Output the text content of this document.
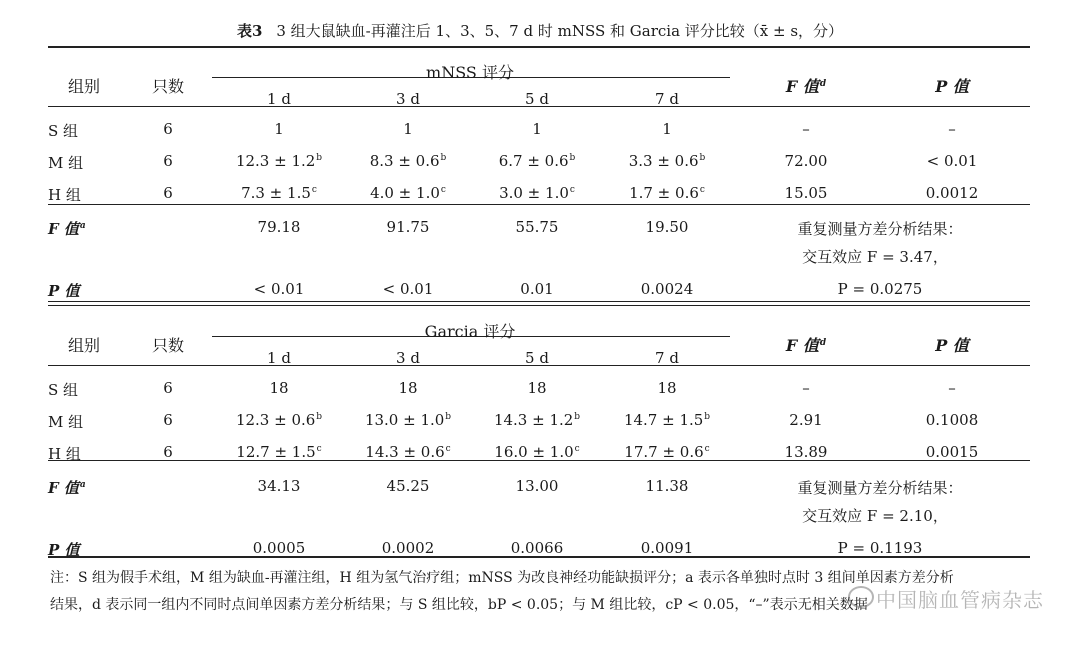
表3 3 组大鼠缺血-再灌注后 1、3、5、7 d 时 mNSS 和 Garcia 评分比较（x̄ ± s，分）
组别	只数
mNSS 评分
F 值$^d$	P 值
1 d	3 d	5 d	7 d
S 组	6	1	1	1	1	–	–
M 组	6	12.3 ± 1.2$^b$	8.3 ± 0.6$^b$	6.7 ± 0.6$^b$	3.3 ± 0.6$^b$	72.00	< 0.01
H 组	6	7.3 ± 1.5$^c$	4.0 ± 1.0$^c$	3.0 ± 1.0$^c$	1.7 ± 0.6$^c$	15.05	0.0012
F 值$^a$	79.18	91.75	55.75	19.50	重复测量方差分析结果：
交互效应 F = 3.47，
P 值	< 0.01	< 0.01	0.01	0.0024	P = 0.0275
组别	只数
Garcia 评分
F 值$^d$	P 值
1 d	3 d	5 d	7 d
S 组	6	18	18	18	18	–	–
M 组	6	12.3 ± 0.6$^b$	13.0 ± 1.0$^b$	14.3 ± 1.2$^b$	14.7 ± 1.5$^b$	2.91	0.1008
H 组	6	12.7 ± 1.5$^c$	14.3 ± 0.6$^c$	16.0 ± 1.0$^c$	17.7 ± 0.6$^c$	13.89	0.0015
F 值$^a$	34.13	45.25	13.00	11.38	重复测量方差分析结果：
交互效应 F = 2.10，
P 值	0.0005	0.0002	0.0066	0.0091	P = 0.1193
注：S 组为假手术组，M 组为缺血-再灌注组，H 组为氢气治疗组；mNSS 为改良神经功能缺损评分；a 表示各单独时点时 3 组间单因素方差分析
结果，d 表示同一组内不同时点间单因素方差分析结果；与 S 组比较，bP < 0.05；与 M 组比较，cP < 0.05，“–”表示无相关数据 中国脑血管病杂志
